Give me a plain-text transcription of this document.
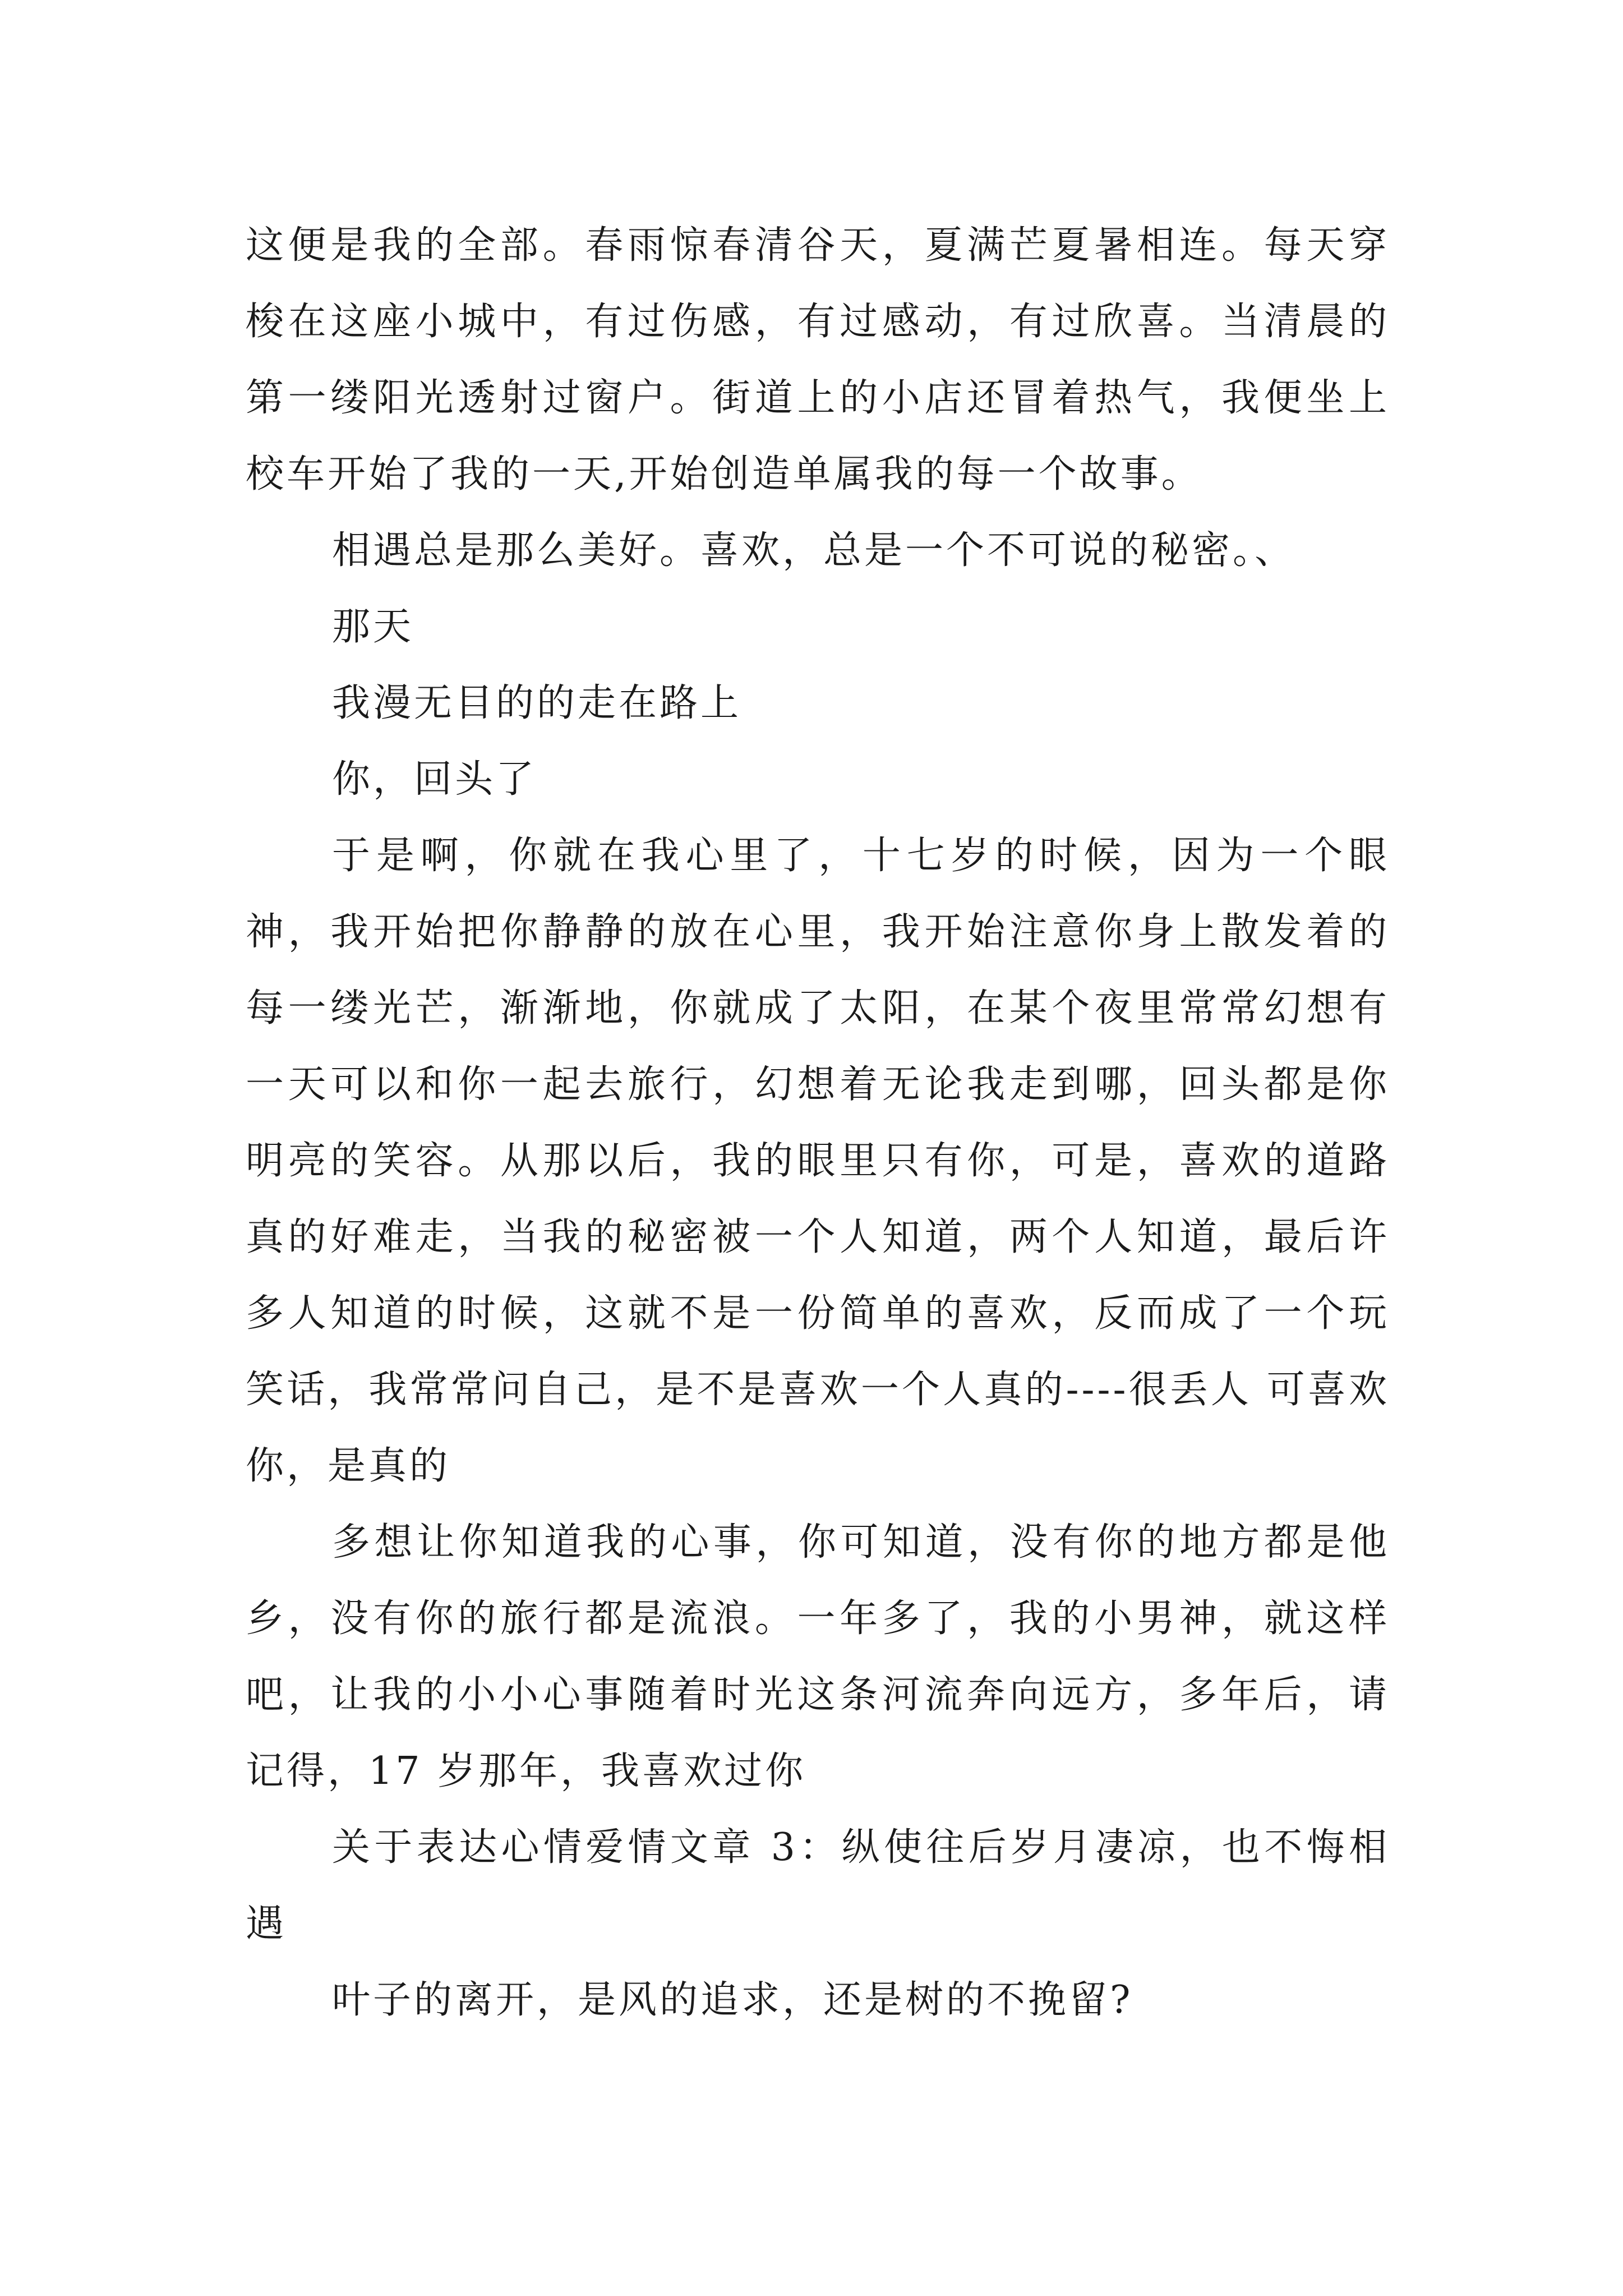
这便是我的全部。春雨惊春清谷天，夏满芒夏暑相连。每天穿梭在这座小城中，有过伤感，有过感动，有过欣喜。当清晨的第一缕阳光透射过窗户。街道上的小店还冒着热气，我便坐上校车开始了我的一天,开始创造单属我的每一个故事。

相遇总是那么美好。喜欢，总是一个不可说的秘密。、

那天

我漫无目的的走在路上

你，回头了

于是啊，你就在我心里了，十七岁的时候，因为一个眼神，我开始把你静静的放在心里，我开始注意你身上散发着的每一缕光芒，渐渐地，你就成了太阳，在某个夜里常常幻想有一天可以和你一起去旅行，幻想着无论我走到哪，回头都是你明亮的笑容。从那以后，我的眼里只有你，可是，喜欢的道路真的好难走，当我的秘密被一个人知道，两个人知道，最后许多人知道的时候，这就不是一份简单的喜欢，反而成了一个玩笑话，我常常问自己，是不是喜欢一个人真的----很丢人 可喜欢你，是真的

多想让你知道我的心事，你可知道，没有你的地方都是他乡，没有你的旅行都是流浪。一年多了，我的小男神，就这样吧，让我的小小心事随着时光这条河流奔向远方，多年后，请记得，17 岁那年，我喜欢过你

关于表达心情爱情文章 3：纵使往后岁月凄凉，也不悔相遇

叶子的离开，是风的追求，还是树的不挽留?
